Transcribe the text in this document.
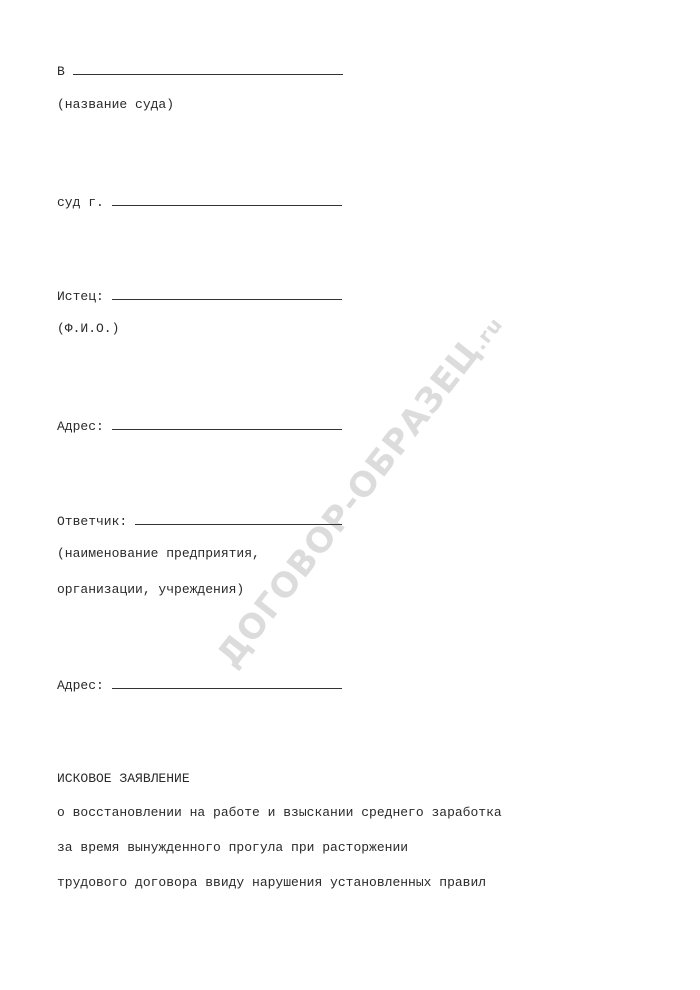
ДОГОВОР-ОБРАЗЕЦ.ru
В
(название суда)
суд г.
Истец:
(Ф.И.О.)
Адрес:
Ответчик:
(наименование предприятия,
организации, учреждения)
Адрес:
ИСКОВОЕ ЗАЯВЛЕНИЕ
о восстановлении на работе и взыскании среднего заработка
за время вынужденного прогула при расторжении
трудового договора ввиду нарушения установленных правил
